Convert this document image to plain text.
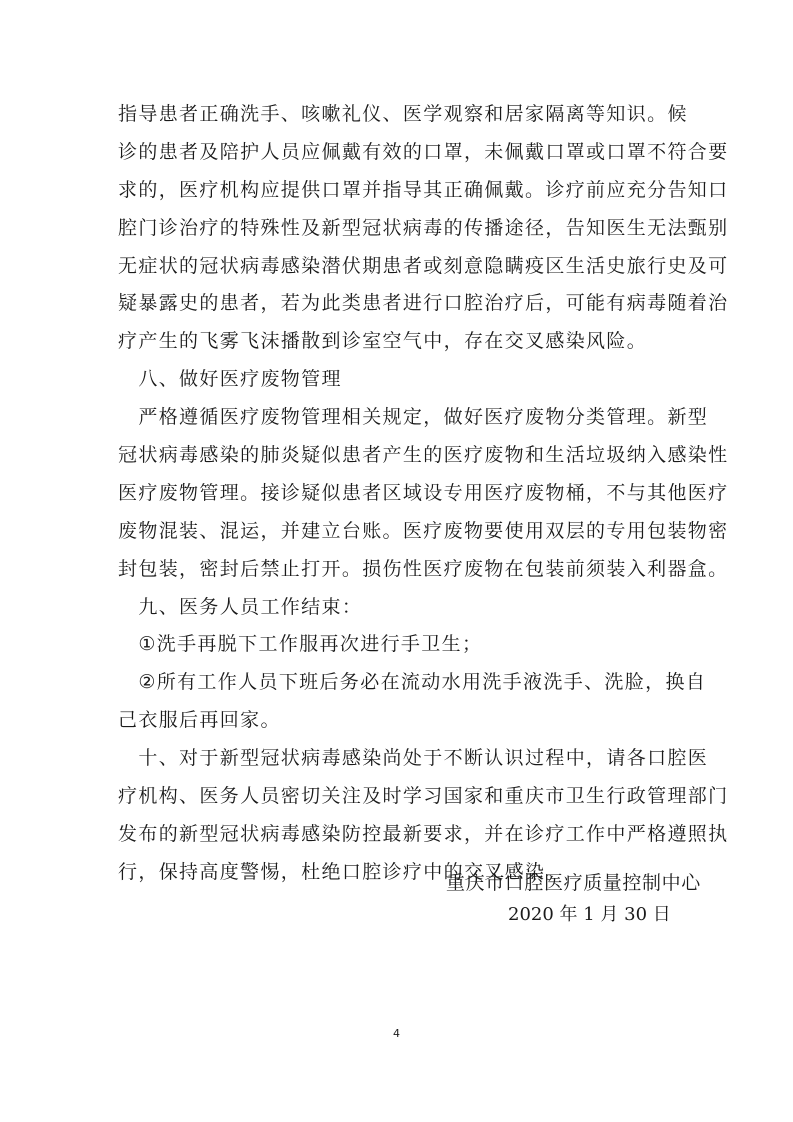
指导患者正确洗手、咳嗽礼仪、医学观察和居家隔离等知识。候
诊的患者及陪护人员应佩戴有效的口罩，未佩戴口罩或口罩不符合要
求的，医疗机构应提供口罩并指导其正确佩戴。诊疗前应充分告知口
腔门诊治疗的特殊性及新型冠状病毒的传播途径，告知医生无法甄别
无症状的冠状病毒感染潜伏期患者或刻意隐瞒疫区生活史旅行史及可
疑暴露史的患者，若为此类患者进行口腔治疗后，可能有病毒随着治
疗产生的飞雾飞沫播散到诊室空气中，存在交叉感染风险。
　八、做好医疗废物管理
　严格遵循医疗废物管理相关规定，做好医疗废物分类管理。新型
冠状病毒感染的肺炎疑似患者产生的医疗废物和生活垃圾纳入感染性
医疗废物管理。接诊疑似患者区域设专用医疗废物桶，不与其他医疗
废物混装、混运，并建立台账。医疗废物要使用双层的专用包装物密
封包装，密封后禁止打开。损伤性医疗废物在包装前须装入利器盒。
　九、医务人员工作结束：
　①洗手再脱下工作服再次进行手卫生；
　②所有工作人员下班后务必在流动水用洗手液洗手、洗脸，换自
己衣服后再回家。
　十、对于新型冠状病毒感染尚处于不断认识过程中，请各口腔医
疗机构、医务人员密切关注及时学习国家和重庆市卫生行政管理部门
发布的新型冠状病毒感染防控最新要求，并在诊疗工作中严格遵照执
行，保持高度警惕，杜绝口腔诊疗中的交叉感染。
重庆市口腔医疗质量控制中心
2020 年 1 月 30 日
4
